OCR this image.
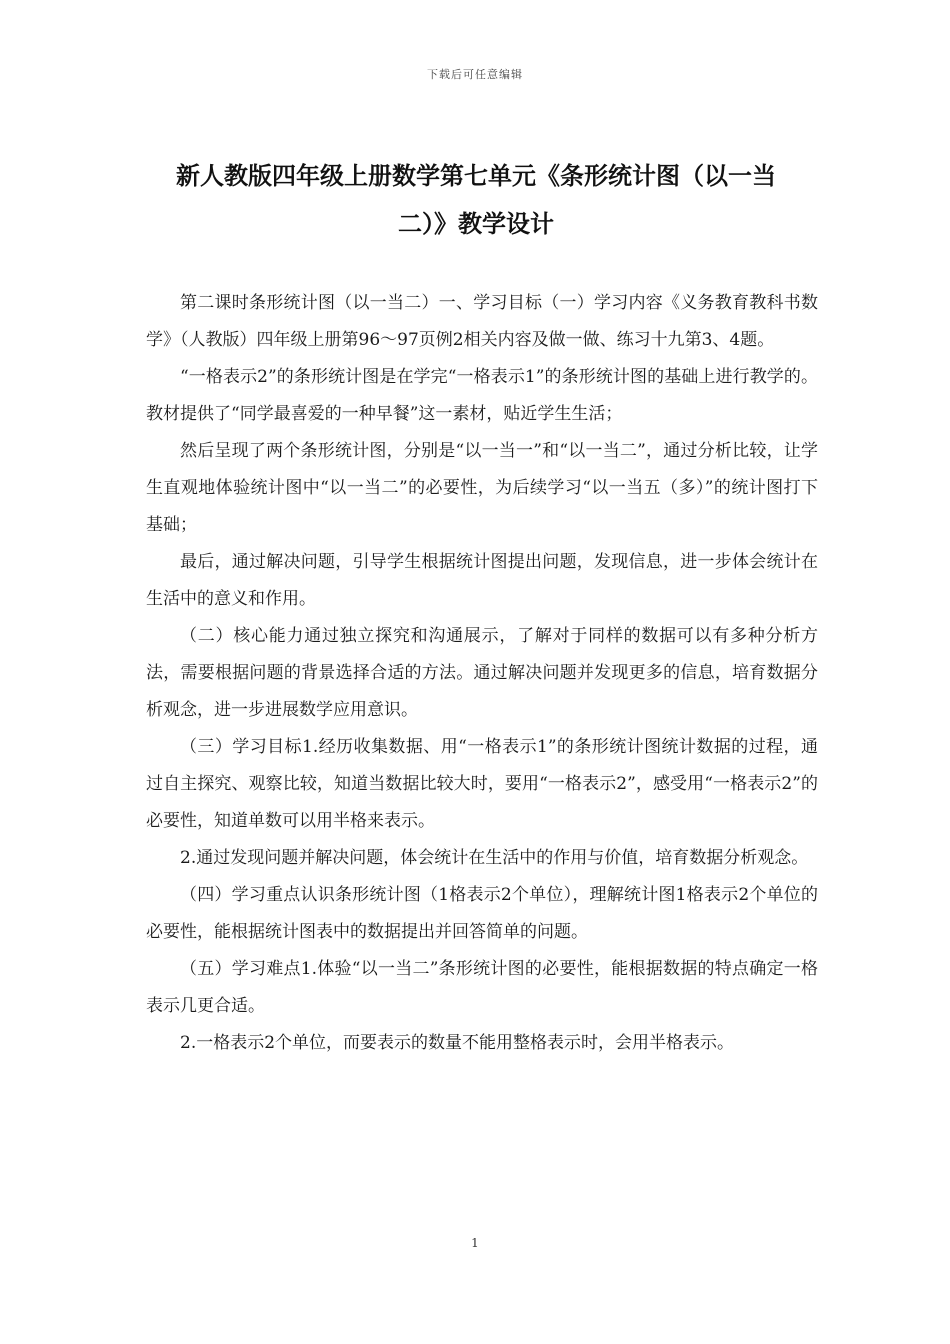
下载后可任意编辑
新人教版四年级上册数学第七单元《条形统计图（以一当
二）》教学设计

第二课时条形统计图（以一当二）一、学习目标（一）学习内容《义务教育教科书数学》（人教版）四年级上册第96～97页例2相关内容及做一做、练习十九第3、4题。

“一格表示2”的条形统计图是在学完“一格表示1”的条形统计图的基础上进行教学的。教材提供了“同学最喜爱的一种早餐”这一素材，贴近学生生活；

然后呈现了两个条形统计图，分别是“以一当一”和“以一当二”，通过分析比较，让学生直观地体验统计图中“以一当二”的必要性，为后续学习“以一当五（多）”的统计图打下基础；

最后，通过解决问题，引导学生根据统计图提出问题，发现信息，进一步体会统计在生活中的意义和作用。

（二）核心能力通过独立探究和沟通展示，了解对于同样的数据可以有多种分析方法，需要根据问题的背景选择合适的方法。通过解决问题并发现更多的信息，培育数据分析观念，进一步进展数学应用意识。

（三）学习目标1.经历收集数据、用“一格表示1”的条形统计图统计数据的过程，通过自主探究、观察比较，知道当数据比较大时，要用“一格表示2”，感受用“一格表示2”的必要性，知道单数可以用半格来表示。

2.通过发现问题并解决问题，体会统计在生活中的作用与价值，培育数据分析观念。

（四）学习重点认识条形统计图（1格表示2个单位），理解统计图1格表示2个单位的必要性，能根据统计图表中的数据提出并回答简单的问题。

（五）学习难点1.体验“以一当二”条形统计图的必要性，能根据数据的特点确定一格表示几更合适。

2.一格表示2个单位，而要表示的数量不能用整格表示时，会用半格表示。

1
